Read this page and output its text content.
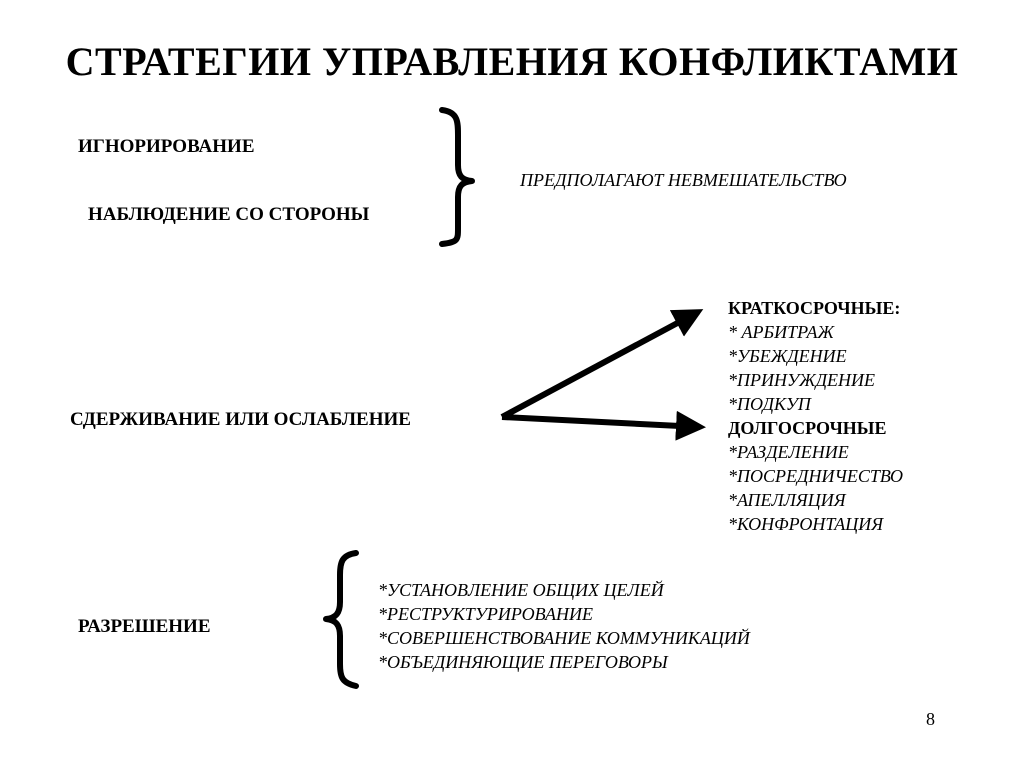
СТРАТЕГИИ УПРАВЛЕНИЯ КОНФЛИКТАМИ
ИГНОРИРОВАНИЕ
НАБЛЮДЕНИЕ СО СТОРОНЫ
ПРЕДПОЛАГАЮТ НЕВМЕШАТЕЛЬСТВО
СДЕРЖИВАНИЕ ИЛИ ОСЛАБЛЕНИЕ
КРАТКОСРОЧНЫЕ:
* АРБИТРАЖ
*УБЕЖДЕНИЕ
*ПРИНУЖДЕНИЕ
*ПОДКУП
ДОЛГОСРОЧНЫЕ
*РАЗДЕЛЕНИЕ
*ПОСРЕДНИЧЕСТВО
*АПЕЛЛЯЦИЯ
*КОНФРОНТАЦИЯ
РАЗРЕШЕНИЕ
*УСТАНОВЛЕНИЕ ОБЩИХ ЦЕЛЕЙ
*РЕСТРУКТУРИРОВАНИЕ
*СОВЕРШЕНСТВОВАНИЕ КОММУНИКАЦИЙ
*ОБЪЕДИНЯЮЩИЕ ПЕРЕГОВОРЫ
8
